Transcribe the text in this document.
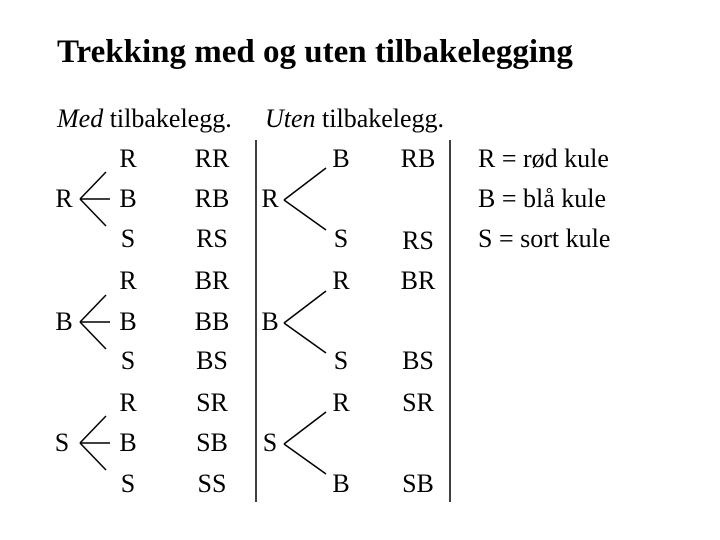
Trekking med og uten tilbakelegging
Med tilbakelegg. Uten tilbakelegg.
R
B
S
R
B
S
R
B
S
R
B
S
RR
RB
RS
BR
BB
BS
SR
SB
SS
R
B
S
B
S
R
S
R
B
RB
RS
BR
BS
SR
SB
R = rød kule
B = blå kule
S = sort kule
